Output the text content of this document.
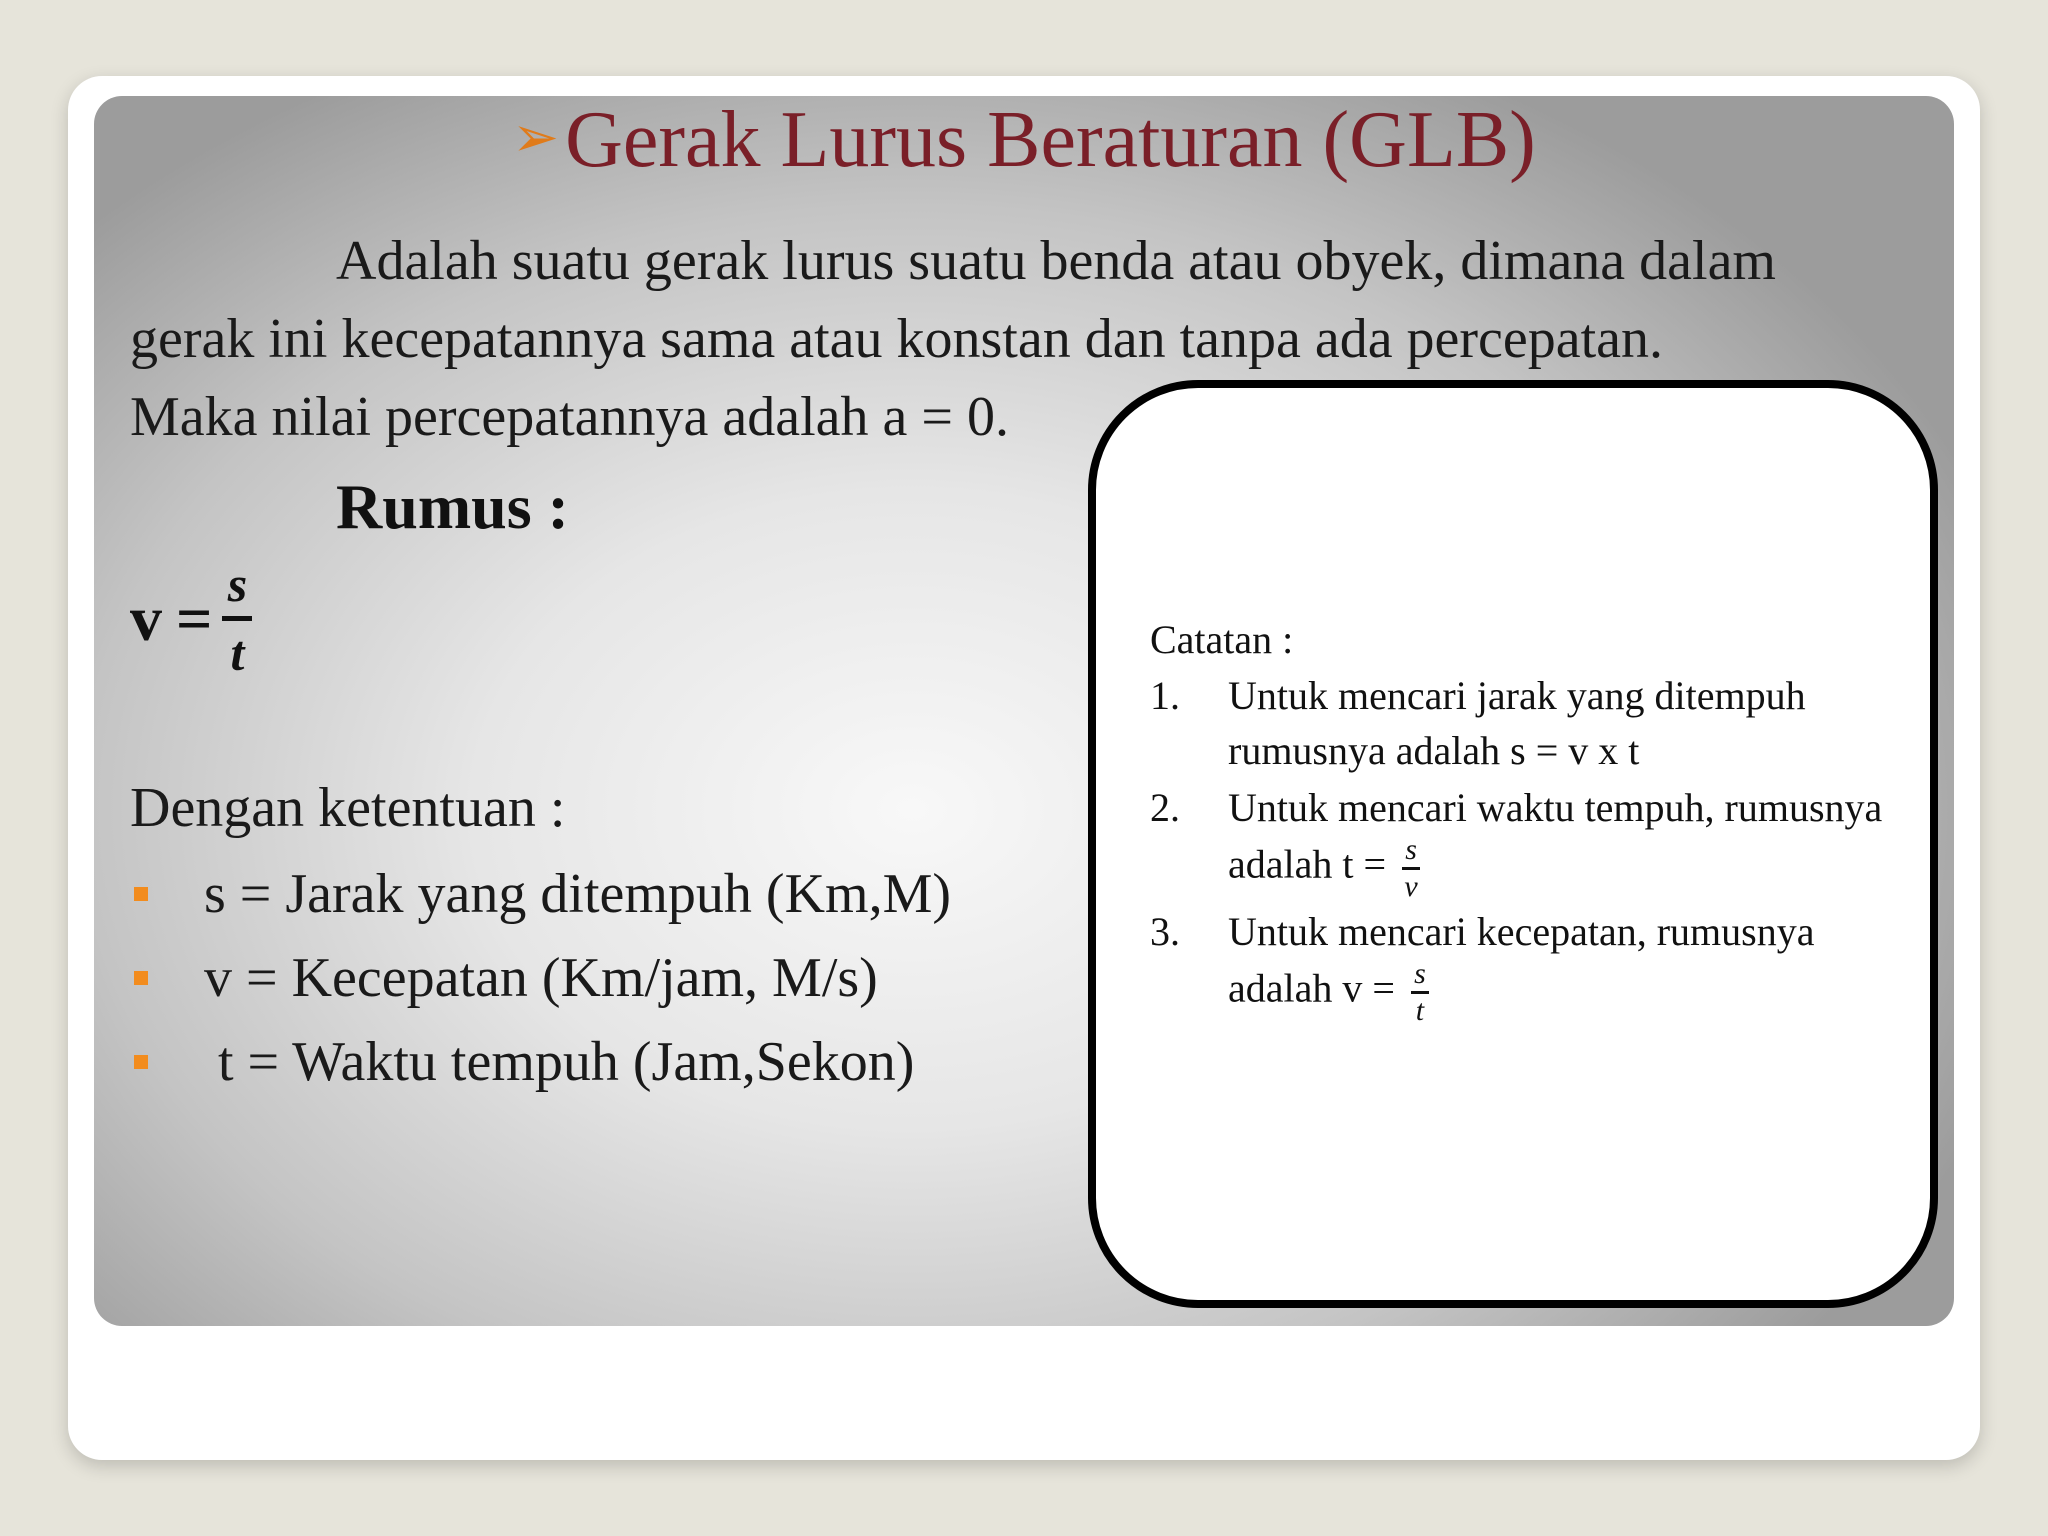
➢Gerak Lurus Beraturan (GLB)
Adalah suatu gerak lurus suatu benda atau obyek, dimana dalam
gerak ini kecepatannya sama atau konstan dan tanpa ada percepatan.
Maka nilai percepatannya adalah a = 0.
Rumus :
v = s
t
Dengan ketentuan :
s = Jarak yang ditempuh (Km,M)
v = Kecepatan (Km/jam, M/s)
t = Waktu tempuh (Jam,Sekon)
Catatan :
1. Untuk mencari jarak yang ditempuh rumusnya adalah s = v x t
2. Untuk mencari waktu tempuh, rumusnya adalah $t = \frac{s}{v}$
3. Untuk mencari kecepatan, rumusnya adalah $v = \frac{s}{t}$
